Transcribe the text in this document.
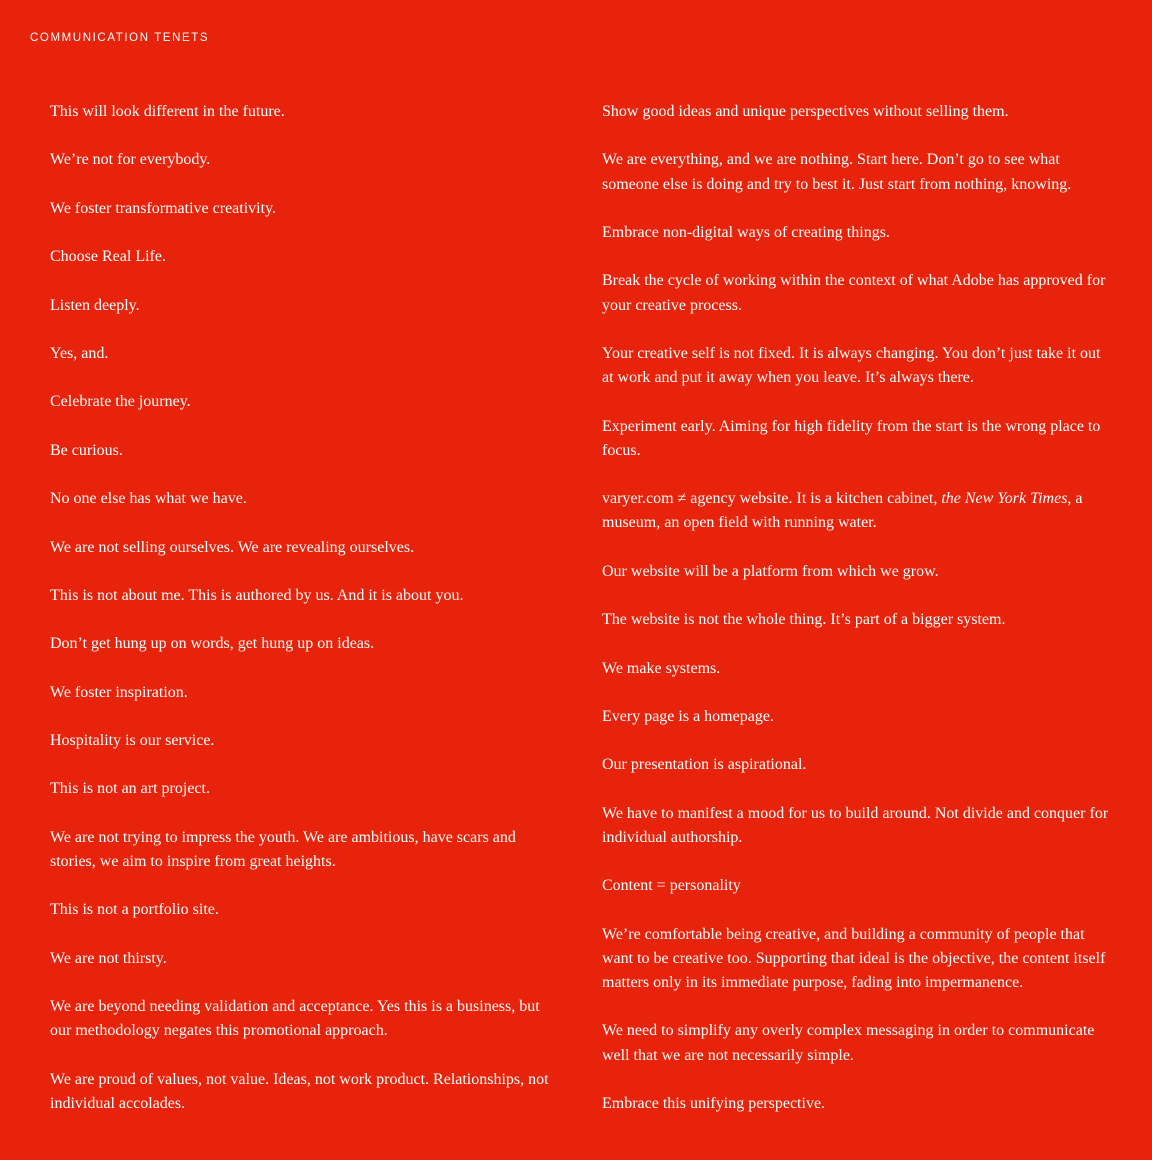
COMMUNICATION TENETS
This will look different in the future.
We’re not for everybody.
We foster transformative creativity.
Choose Real Life.
Listen deeply.
Yes, and.
Celebrate the journey.
Be curious.
No one else has what we have.
We are not selling ourselves. We are revealing ourselves.
This is not about me. This is authored by us. And it is about you.
Don’t get hung up on words, get hung up on ideas.
We foster inspiration.
Hospitality is our service.
This is not an art project.
We are not trying to impress the youth. We are ambitious, have scars and stories, we aim to inspire from great heights.
This is not a portfolio site.
We are not thirsty.
We are beyond needing validation and acceptance. Yes this is a business, but our methodology negates this promotional approach.
We are proud of values, not value. Ideas, not work product. Relationships, not individual accolades.
Show good ideas and unique perspectives without selling them.
We are everything, and we are nothing. Start here. Don’t go to see what someone else is doing and try to best it. Just start from nothing, knowing.
Embrace non-digital ways of creating things.
Break the cycle of working within the context of what Adobe has approved for your creative process.
Your creative self is not fixed. It is always changing. You don’t just take it out at work and put it away when you leave. It’s always there.
Experiment early. Aiming for high fidelity from the start is the wrong place to focus.
varyer.com ≠ agency website. It is a kitchen cabinet, the New York Times, a museum, an open field with running water.
Our website will be a platform from which we grow.
The website is not the whole thing. It’s part of a bigger system.
We make systems.
Every page is a homepage.
Our presentation is aspirational.
We have to manifest a mood for us to build around. Not divide and conquer for individual authorship.
Content = personality
We’re comfortable being creative, and building a community of people that want to be creative too. Supporting that ideal is the objective, the content itself matters only in its immediate purpose, fading into impermanence.
We need to simplify any overly complex messaging in order to communicate well that we are not necessarily simple.
Embrace this unifying perspective.
